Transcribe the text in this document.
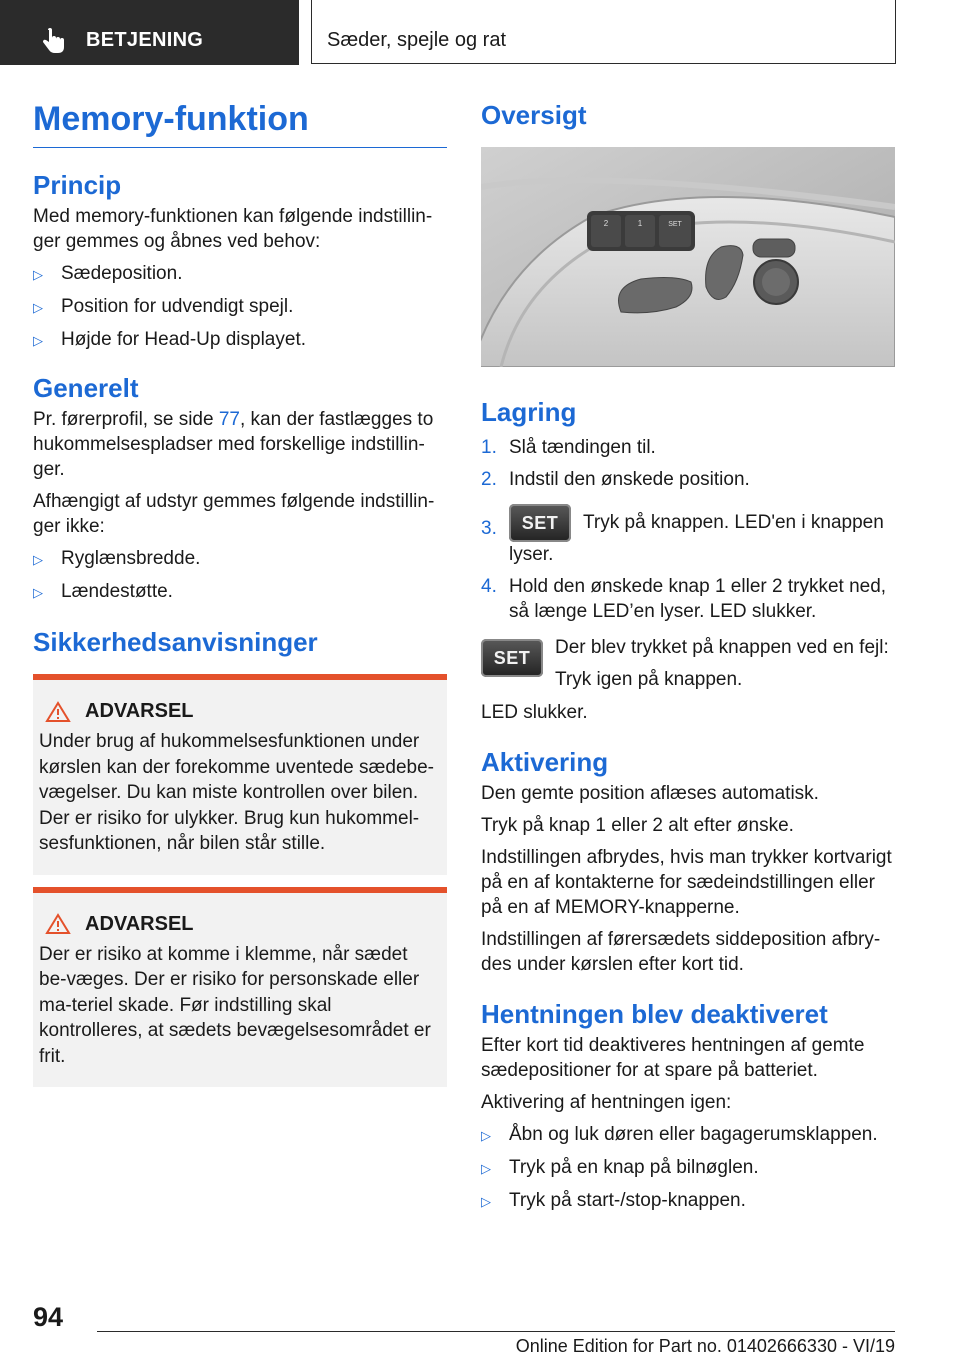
BETJENING	Sæder, spejle og rat
Memory-funktion
Princip

Med memory-funktionen kan følgende indstillin-ger gemmes og åbnes ved behov:

▷ Sædeposition.
▷ Position for udvendigt spejl.
▷ Højde for Head-Up displayet.
Generelt

Pr. førerprofil, se side 77, kan der fastlægges to hukommelsespladser med forskellige indstillin-ger.

Afhængigt af udstyr gemmes følgende indstillin-ger ikke:

▷ Ryglænsbredde.
▷ Lændestøtte.
Sikkerhedsanvisninger
ADVARSEL

Under brug af hukommelsesfunktionen under kørslen kan der forekomme uventede sædebe-vægelser. Du kan miste kontrollen over bilen. Der er risiko for ulykker. Brug kun hukommel-sesfunktionen, når bilen står stille.

ADVARSEL

Der er risiko at komme i klemme, når sædet be-væges. Der er risiko for personskade eller ma-teriel skade. Før indstilling skal kontrolleres, at sædets bevægelsesområdet er frit.

Oversigt
2	1	SET
Lagring
1. Slå tændingen til.
2. Indstil den ønskede position.
3.	SET Tryk på knappen. LED'en i knappen lyser.
4. Hold den ønskede knap 1 eller 2 trykket ned, så længe LED’en lyser. LED slukker.
SET	Der blev trykket på knappen ved en fejl:

Tryk igen på knappen.

LED slukker.

Aktivering

Den gemte position aflæses automatisk.

Tryk på knap 1 eller 2 alt efter ønske.

Indstillingen afbrydes, hvis man trykker kortvarigt på en af kontakterne for sædeindstillingen eller på en af MEMORY-knapperne.

Indstillingen af førersædets siddeposition afbry-des under kørslen efter kort tid.

Hentningen blev deaktiveret

Efter kort tid deaktiveres hentningen af gemte sædepositioner for at spare på batteriet.

Aktivering af hentningen igen:

▷ Åbn og luk døren eller bagagerumsklappen.
▷ Tryk på en knap på bilnøglen.
▷ Tryk på start-/stop-knappen.
94
Online Edition for Part no. 01402666330 - VI/19
